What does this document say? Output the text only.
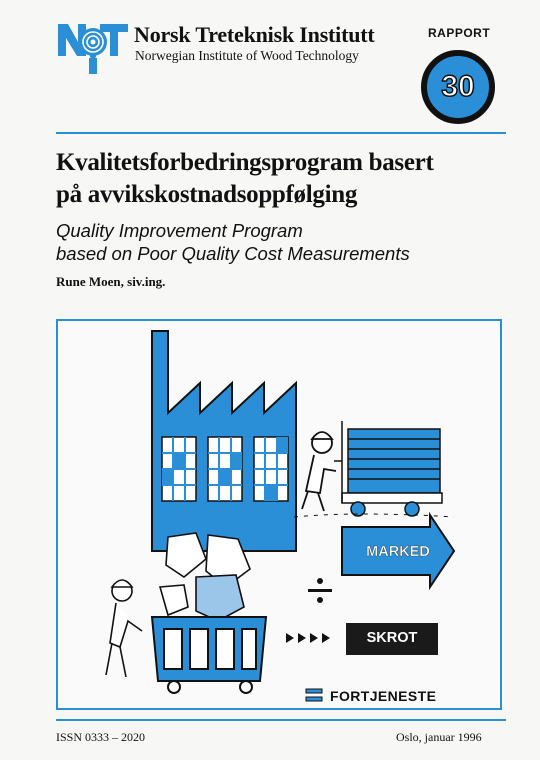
Norsk Treteknisk Institutt
Norwegian Institute of Wood Technology
RAPPORT
30
Kvalitetsforbedringsprogram basert
på avvikskostnadsoppfølging
Quality Improvement Program
based on Poor Quality Cost Measurements
Rune Moen, siv.ing.
MARKED
SKROT
FORTJENESTE
ISSN 0333 – 2020	Oslo, januar 1996
